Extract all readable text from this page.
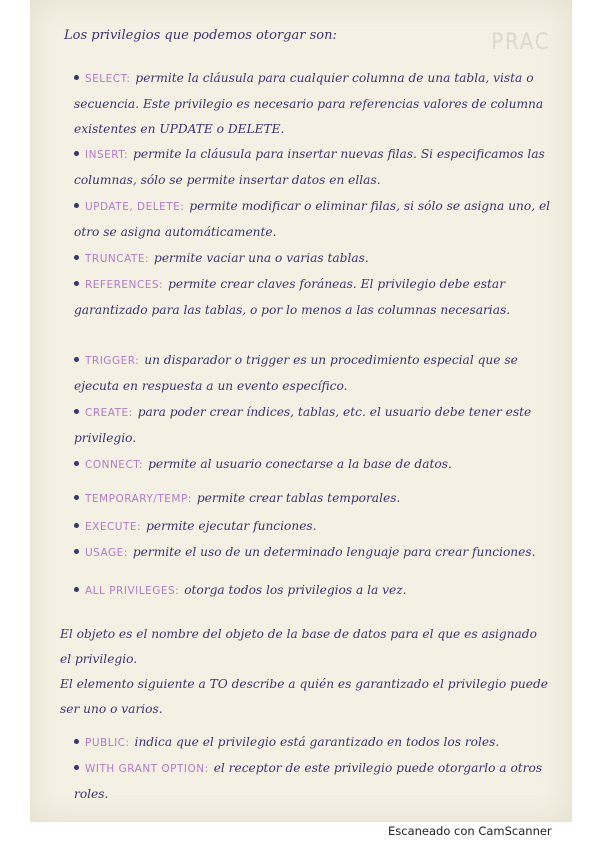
PRAC

Los privilegios que podemos otorgar son:

SELECT: permite la cláusula para cualquier columna de una tabla, vista o secuencia. Este privilegio es necesario para referencias valores de columna existentes en UPDATE o DELETE.
INSERT: permite la cláusula para insertar nuevas filas. Si especificamos las columnas, sólo se permite insertar datos en ellas.
UPDATE, DELETE: permite modificar o eliminar filas, si sólo se asigna uno, el otro se asigna automáticamente.
TRUNCATE: permite vaciar una o varias tablas.
REFERENCES: permite crear claves foráneas. El privilegio debe estar garantizado para las tablas, o por lo menos a las columnas necesarias.
TRIGGER: un disparador o trigger es un procedimiento especial que se ejecuta en respuesta a un evento específico.
CREATE: para poder crear índices, tablas, etc. el usuario debe tener este privilegio.
CONNECT: permite al usuario conectarse a la base de datos.
TEMPORARY/TEMP: permite crear tablas temporales.
EXECUTE: permite ejecutar funciones.
USAGE: permite el uso de un determinado lenguaje para crear funciones.
ALL PRIVILEGES: otorga todos los privilegios a la vez.

El objeto es el nombre del objeto de la base de datos para el que es asignado el privilegio.

El elemento siguiente a TO describe a quién es garantizado el privilegio puede ser uno o varios.

PUBLIC: indica que el privilegio está garantizado en todos los roles.
WITH GRANT OPTION: el receptor de este privilegio puede otorgarlo a otros roles.
Escaneado con CamScanner
